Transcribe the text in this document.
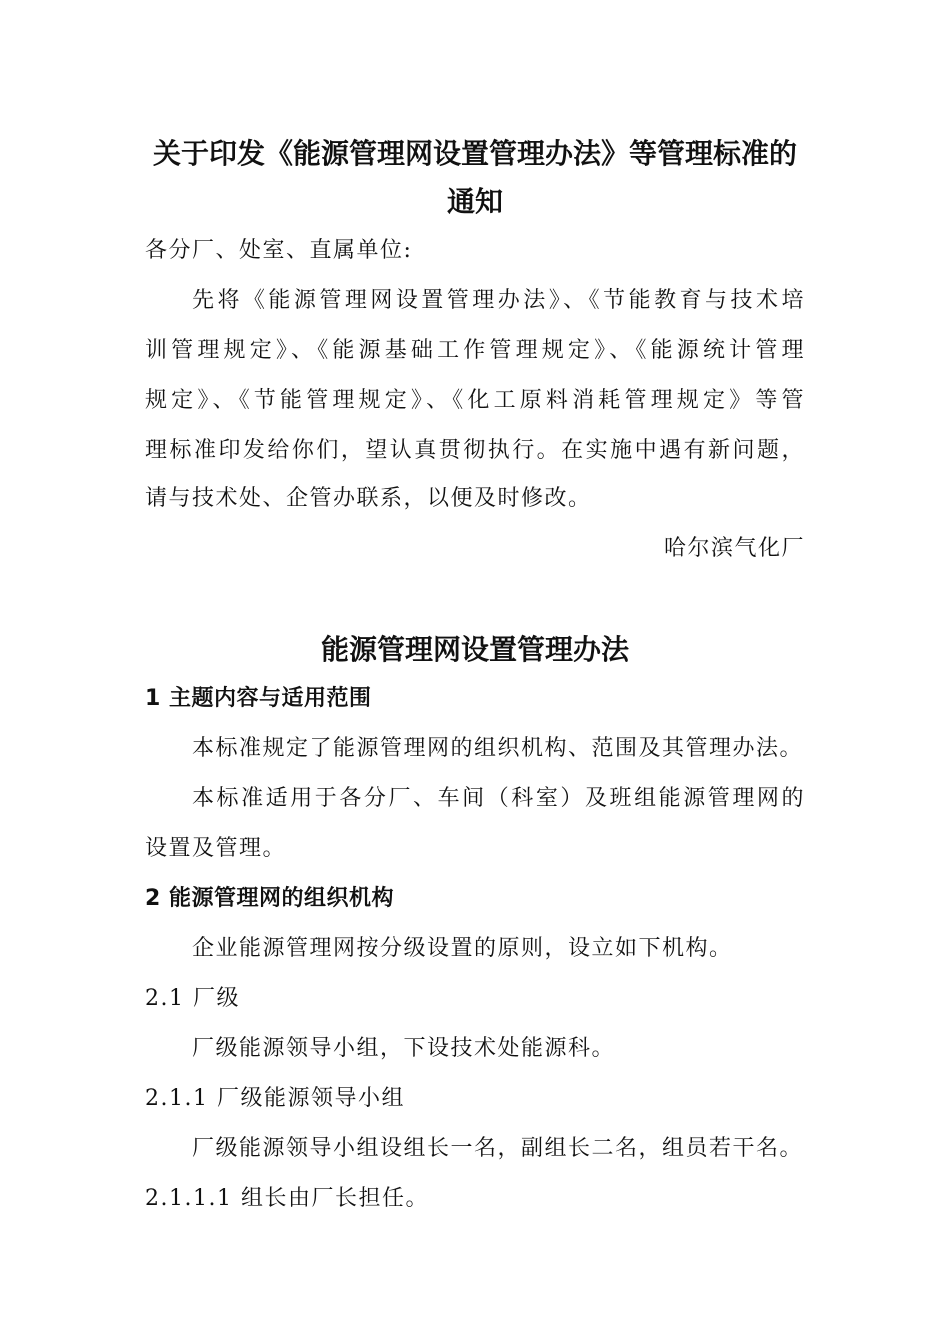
关于印发《能源管理网设置管理办法》等管理标准的
通知
各分厂、处室、直属单位:
先将《能源管理网设置管理办法》、《节能教育与技术培
训管理规定》、《能源基础工作管理规定》、《能源统计管理
规定》、《节能管理规定》、《化工原料消耗管理规定》等管
理标准印发给你们，望认真贯彻执行。在实施中遇有新问题，
请与技术处、企管办联系，以便及时修改。
哈尔滨气化厂
能源管理网设置管理办法
1 主题内容与适用范围
本标准规定了能源管理网的组织机构、范围及其管理办法。
本标准适用于各分厂、车间（科室）及班组能源管理网的
设置及管理。
2 能源管理网的组织机构
企业能源管理网按分级设置的原则，设立如下机构。
2.1 厂级
厂级能源领导小组，下设技术处能源科。
2.1.1 厂级能源领导小组
厂级能源领导小组设组长一名，副组长二名，组员若干名。
2.1.1.1 组长由厂长担任。
